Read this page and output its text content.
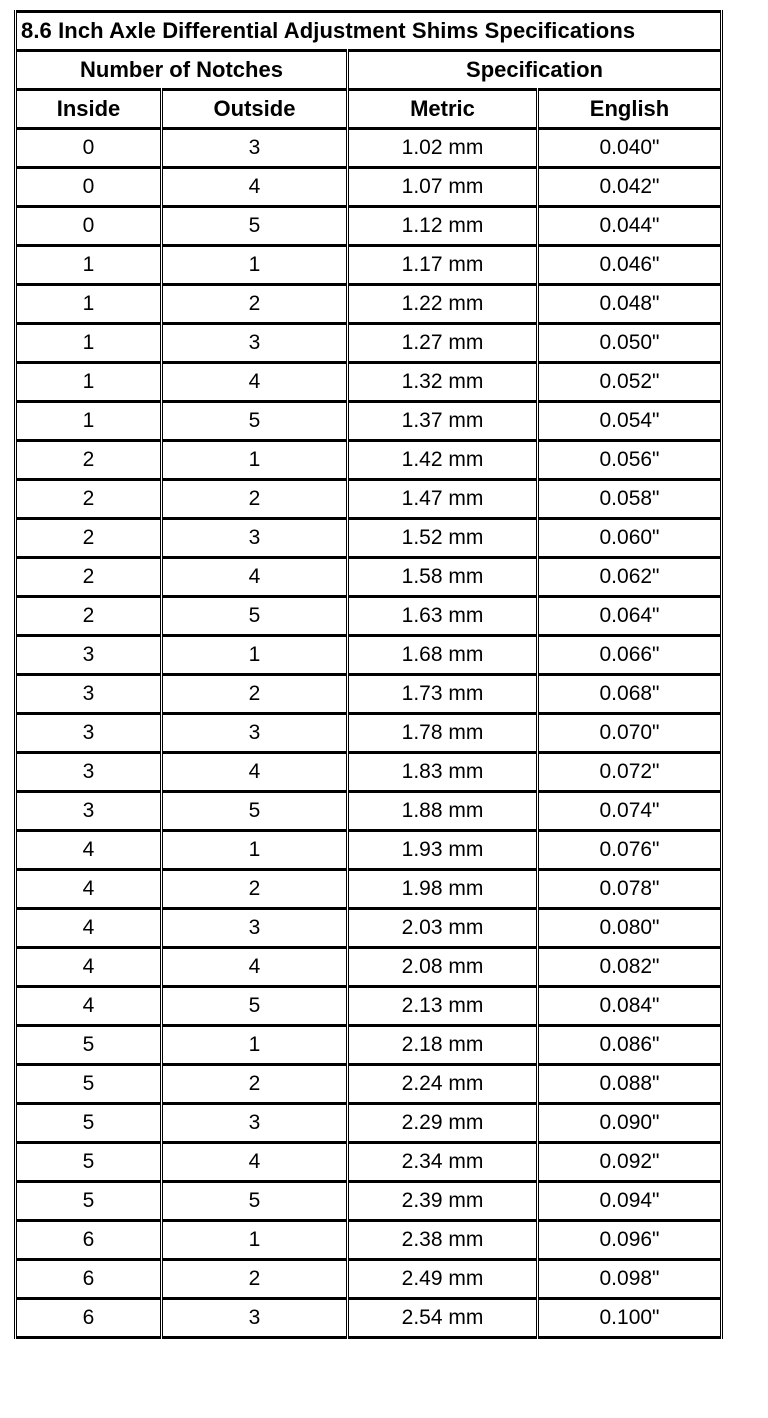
8.6 Inch Axle Differential Adjustment Shims Specifications			
Number of Notches		Specification	
Inside	Outside	Metric	English
0	3	1.02 mm	0.040"
0	4	1.07 mm	0.042"
0	5	1.12 mm	0.044"
1	1	1.17 mm	0.046"
1	2	1.22 mm	0.048"
1	3	1.27 mm	0.050"
1	4	1.32 mm	0.052"
1	5	1.37 mm	0.054"
2	1	1.42 mm	0.056"
2	2	1.47 mm	0.058"
2	3	1.52 mm	0.060"
2	4	1.58 mm	0.062"
2	5	1.63 mm	0.064"
3	1	1.68 mm	0.066"
3	2	1.73 mm	0.068"
3	3	1.78 mm	0.070"
3	4	1.83 mm	0.072"
3	5	1.88 mm	0.074"
4	1	1.93 mm	0.076"
4	2	1.98 mm	0.078"
4	3	2.03 mm	0.080"
4	4	2.08 mm	0.082"
4	5	2.13 mm	0.084"
5	1	2.18 mm	0.086"
5	2	2.24 mm	0.088"
5	3	2.29 mm	0.090"
5	4	2.34 mm	0.092"
5	5	2.39 mm	0.094"
6	1	2.38 mm	0.096"
6	2	2.49 mm	0.098"
6	3	2.54 mm	0.100"
